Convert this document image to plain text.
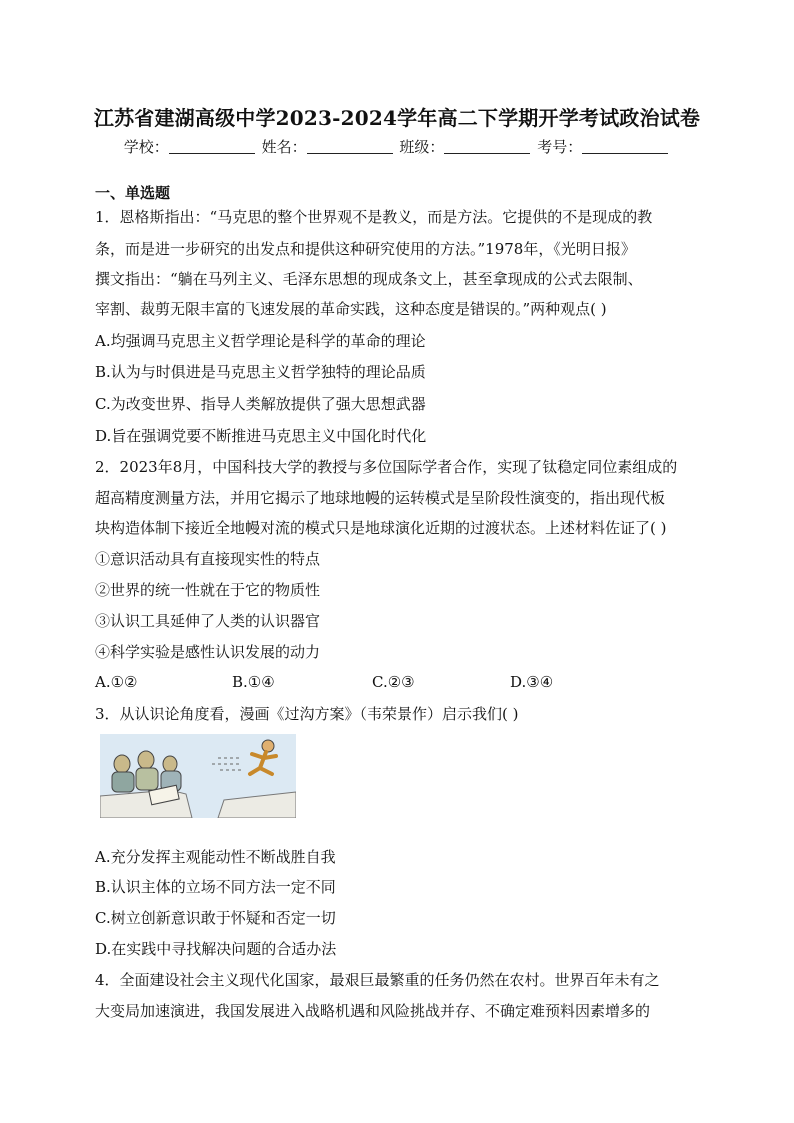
江苏省建湖高级中学2023-2024学年高二下学期开学考试政治试卷
学校：	姓名：	班级：	考号：
一、单选题
1．恩格斯指出：“马克思的整个世界观不是教义，而是方法。它提供的不是现成的教
条，而是进一步研究的出发点和提供这种研究使用的方法。”1978年，《光明日报》
撰文指出：“躺在马列主义、毛泽东思想的现成条文上，甚至拿现成的公式去限制、
宰割、裁剪无限丰富的飞速发展的革命实践，这种态度是错误的。”两种观点( )
A.均强调马克思主义哲学理论是科学的革命的理论
B.认为与时俱进是马克思主义哲学独特的理论品质
C.为改变世界、指导人类解放提供了强大思想武器
D.旨在强调党要不断推进马克思主义中国化时代化
2．2023年8月，中国科技大学的教授与多位国际学者合作，实现了钛稳定同位素组成的
超高精度测量方法，并用它揭示了地球地幔的运转模式是呈阶段性演变的，指出现代板
块构造体制下接近全地幔对流的模式只是地球演化近期的过渡状态。上述材料佐证了( )
①意识活动具有直接现实性的特点
②世界的统一性就在于它的物质性
③认识工具延伸了人类的认识器官
④科学实验是感性认识发展的动力
A.①②	B.①④	C.②③	D.③④
3．从认识论角度看，漫画《过沟方案》（韦荣景作）启示我们( )
A.充分发挥主观能动性不断战胜自我
B.认识主体的立场不同方法一定不同
C.树立创新意识敢于怀疑和否定一切
D.在实践中寻找解决问题的合适办法
4．全面建设社会主义现代化国家，最艰巨最繁重的任务仍然在农村。世界百年未有之
大变局加速演进，我国发展进入战略机遇和风险挑战并存、不确定难预料因素增多的
